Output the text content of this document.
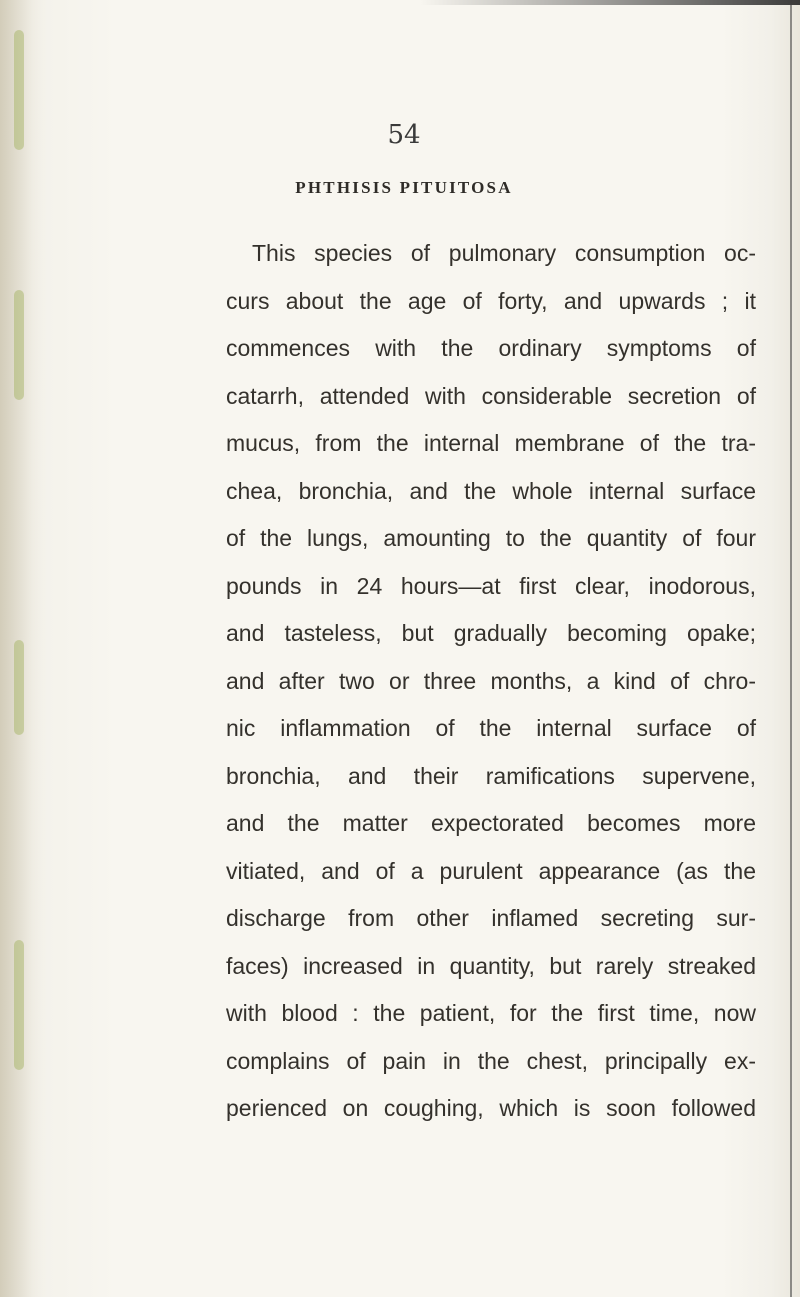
54
PHTHISIS PITUITOSA
This species of pulmonary consumption oc-
curs about the age of forty, and upwards ; it
commences with the ordinary symptoms of
catarrh, attended with considerable secretion of
mucus, from the internal membrane of the tra-
chea, bronchia, and the whole internal surface
of the lungs, amounting to the quantity of four
pounds in 24 hours—at first clear, inodorous,
and tasteless, but gradually becoming opake;
and after two or three months, a kind of chro-
nic inflammation of the internal surface of
bronchia, and their ramifications supervene,
and the matter expectorated becomes more
vitiated, and of a purulent appearance (as the
discharge from other inflamed secreting sur-
faces) increased in quantity, but rarely streaked
with blood : the patient, for the first time, now
complains of pain in the chest, principally ex-
perienced on coughing, which is soon followed
